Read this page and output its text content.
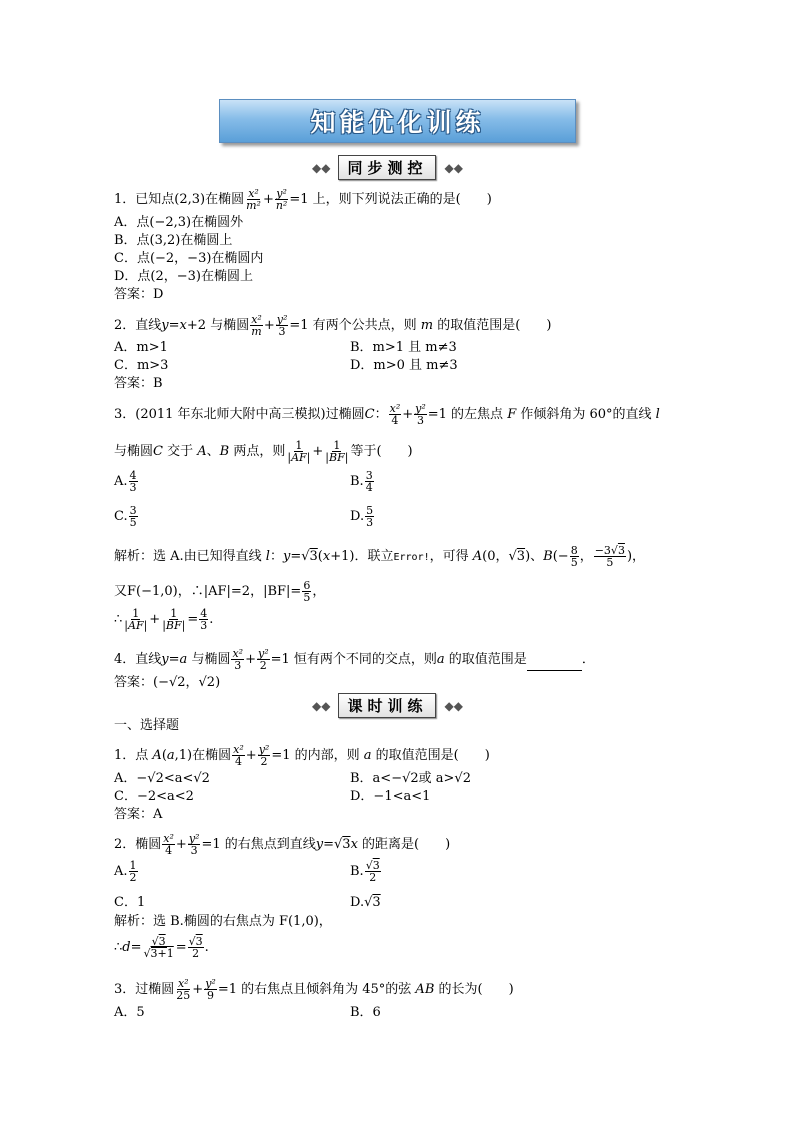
知能优化训练
◆◆	同步测控	◆◆
1．已知点(2,3)在椭圆 $\frac{\text{x²}}{\text{m²}} + \frac{\text{y²}}{\text{n²}} =1$ 上，则下列说法正确的是(　　)
A．点(−2,3)在椭圆外
B．点(3,2)在椭圆上
C．点(−2，−3)在椭圆内
D．点(2，−3)在椭圆上
答案：D
2．直线y=x+2 与椭圆 $\frac{\text{x²}}{m} + \frac{\text{y²}}{3} =1$ 有两个公共点，则 m 的取值范围是(　　)
A．m>1	B．m>1 且 m≠3
C．m>3	D．m>0 且 m≠3
答案：B
3．(2011 年东北师大附中高三模拟)过椭圆C： $\frac{\text{x²}}{4} + \frac{\text{y²}}{3} =1$ 的左焦点 F 作倾斜角为 60°的直线 l
与椭圆C 交于 A、B 两点，则 $\frac{1}{|AF|} + \frac{1}{|BF|}$ 等于(　　)
A. $\frac{4}{3}$	B. $\frac{3}{4}$
C. $\frac{3}{5}$	D. $\frac{5}{3}$
解析：选 A.由已知得直线 l：y=√3(x+1)．联立Error!，可得 A(0，√3)、$B(- \frac{8}{5}$ ， $\frac{-3√3}{5}$ )，
又F(−1,0)，∴|AF|=2，$|BF|= \frac{6}{5}$ ，
∴ $\frac{1}{|AF|} + \frac{1}{|BF|} = \frac{4}{3}$ .
4．直线y=a 与椭圆 $\frac{\text{x²}}{3} + \frac{\text{y²}}{2} =1$ 恒有两个不同的交点，则a 的取值范围是	．
答案：(−√2，√2)
◆◆	课时训练	◆◆
一、选择题
1．点 A(a,1)在椭圆 $\frac{\text{x²}}{4} + \frac{\text{y²}}{2} =1$ 的内部，则 a 的取值范围是(　　)
A．−√2<a<√2	B．a<−√2或 a>√2
C．−2<a<2	D．−1<a<1
答案：A
2．椭圆 $\frac{\text{x²}}{4} + \frac{\text{y²}}{3} =1$ 的右焦点到直线y=√3x 的距离是(　　)
A. $\frac{1}{2}$	B. $\frac{√3}{2}$
C．1	D.√3
解析：选 B.椭圆的右焦点为 F(1,0)，
∴d= $\frac{√3}{√3+1} = \frac{√3}{2}$ .
3．过椭圆 $\frac{\text{x²}}{25} + \frac{\text{y²}}{9} =1$ 的右焦点且倾斜角为 45°的弦 AB 的长为(　　)
A．5	B．6
